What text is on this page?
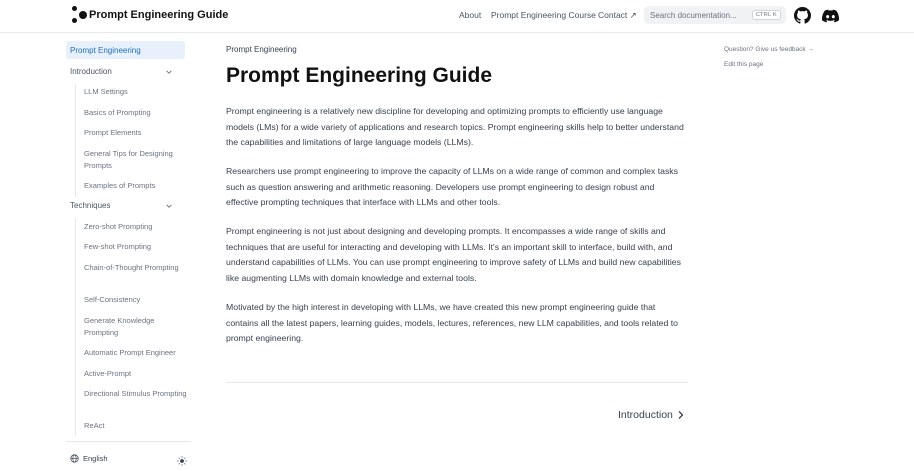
Prompt Engineering Guide	About Prompt Engineering Course Contact ↗
Search documentation...	CTRL K
Prompt Engineering
Introduction
LLM Settings
Basics of Prompting
Prompt Elements
General Tips for Designing Prompts
Examples of Prompts
Techniques
Zero-shot Prompting
Few-shot Prompting
Chain-of-Thought Prompting
Self-Consistency
Generate Knowledge Prompting
Automatic Prompt Engineer
Active-Prompt
Directional Stimulus Prompting
ReAct
English
Prompt Engineering
Prompt Engineering Guide

Prompt engineering is a relatively new discipline for developing and optimizing prompts to efficiently use language models (LMs) for a wide variety of applications and research topics. Prompt engineering skills help to better understand the capabilities and limitations of large language models (LLMs).

Researchers use prompt engineering to improve the capacity of LLMs on a wide range of common and complex tasks such as question answering and arithmetic reasoning. Developers use prompt engineering to design robust and effective prompting techniques that interface with LLMs and other tools.

Prompt engineering is not just about designing and developing prompts. It encompasses a wide range of skills and techniques that are useful for interacting and developing with LLMs. It's an important skill to interface, build with, and understand capabilities of LLMs. You can use prompt engineering to improve safety of LLMs and build new capabilities like augmenting LLMs with domain knowledge and external tools.

Motivated by the high interest in developing with LLMs, we have created this new prompt engineering guide that contains all the latest papers, learning guides, models, lectures, references, new LLM capabilities, and tools related to prompt engineering.

Introduction
Question? Give us feedback →
Edit this page
